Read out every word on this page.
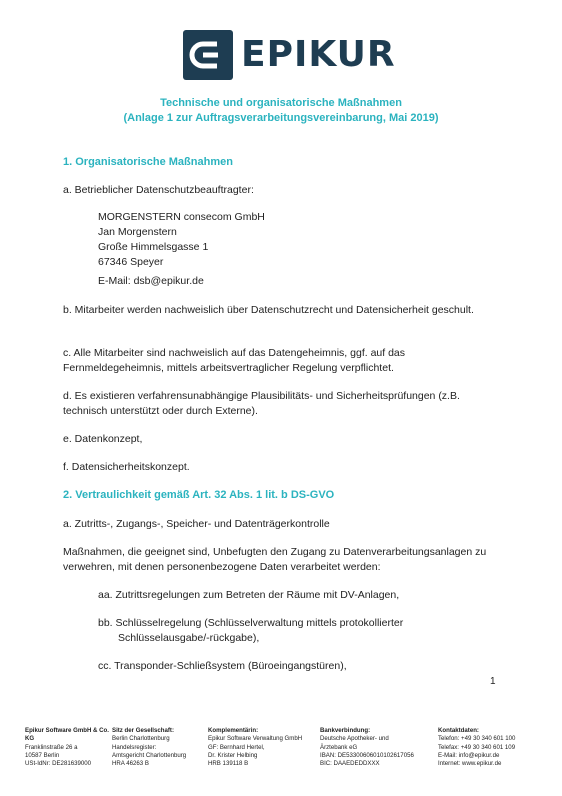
EPIKUR
Technische und organisatorische Maßnahmen
(Anlage 1 zur Auftragsverarbeitungsvereinbarung, Mai 2019)
1. Organisatorische Maßnahmen
a. Betrieblicher Datenschutzbeauftragter:
MORGENSTERN consecom GmbH
Jan Morgenstern
Große Himmelsgasse 1
67346 Speyer
E-Mail: dsb@epikur.de
b. Mitarbeiter werden nachweislich über Datenschutzrecht und Datensicherheit geschult.
c. Alle Mitarbeiter sind nachweislich auf das Datengeheimnis, ggf. auf das Fernmeldegeheimnis, mittels arbeitsvertraglicher Regelung verpflichtet.
d. Es existieren verfahrensunabhängige Plausibilitäts- und Sicherheitsprüfungen (z.B. technisch unterstützt oder durch Externe).
e. Datenkonzept,
f. Datensicherheitskonzept.
2. Vertraulichkeit gemäß Art. 32 Abs. 1 lit. b DS-GVO
a. Zutritts-, Zugangs-, Speicher- und Datenträgerkontrolle
Maßnahmen, die geeignet sind, Unbefugten den Zugang zu Datenverarbeitungsanlagen zu verwehren, mit denen personenbezogene Daten verarbeitet werden:
aa. Zutrittsregelungen zum Betreten der Räume mit DV-Anlagen,
bb. Schlüsselregelung (Schlüsselverwaltung mittels protokollierter Schlüsselausgabe/-rückgabe),
cc. Transponder-Schließsystem (Büroeingangstüren),
1
Epikur Software GmbH & Co. KG
Franklinstraße 26 a
10587 Berlin
USt-IdNr: DE281639000
Sitz der Gesellschaft:
Berlin Charlottenburg
Handelsregister:
Amtsgericht Charlottenburg
HRA 46263 B
Komplementärin:
Epikur Software Verwaltung GmbH
GF: Bernhard Hertel,
Dr. Krister Helbing
HRB 139118 B
Bankverbindung:
Deutsche Apotheker- und
Ärztebank eG
IBAN: DE53300606010102617056
BIC: DAAEDEDDXXX
Kontaktdaten:
Telefon: +49 30 340 601 100
Telefax: +49 30 340 601 109
E-Mail: info@epikur.de
Internet: www.epikur.de
